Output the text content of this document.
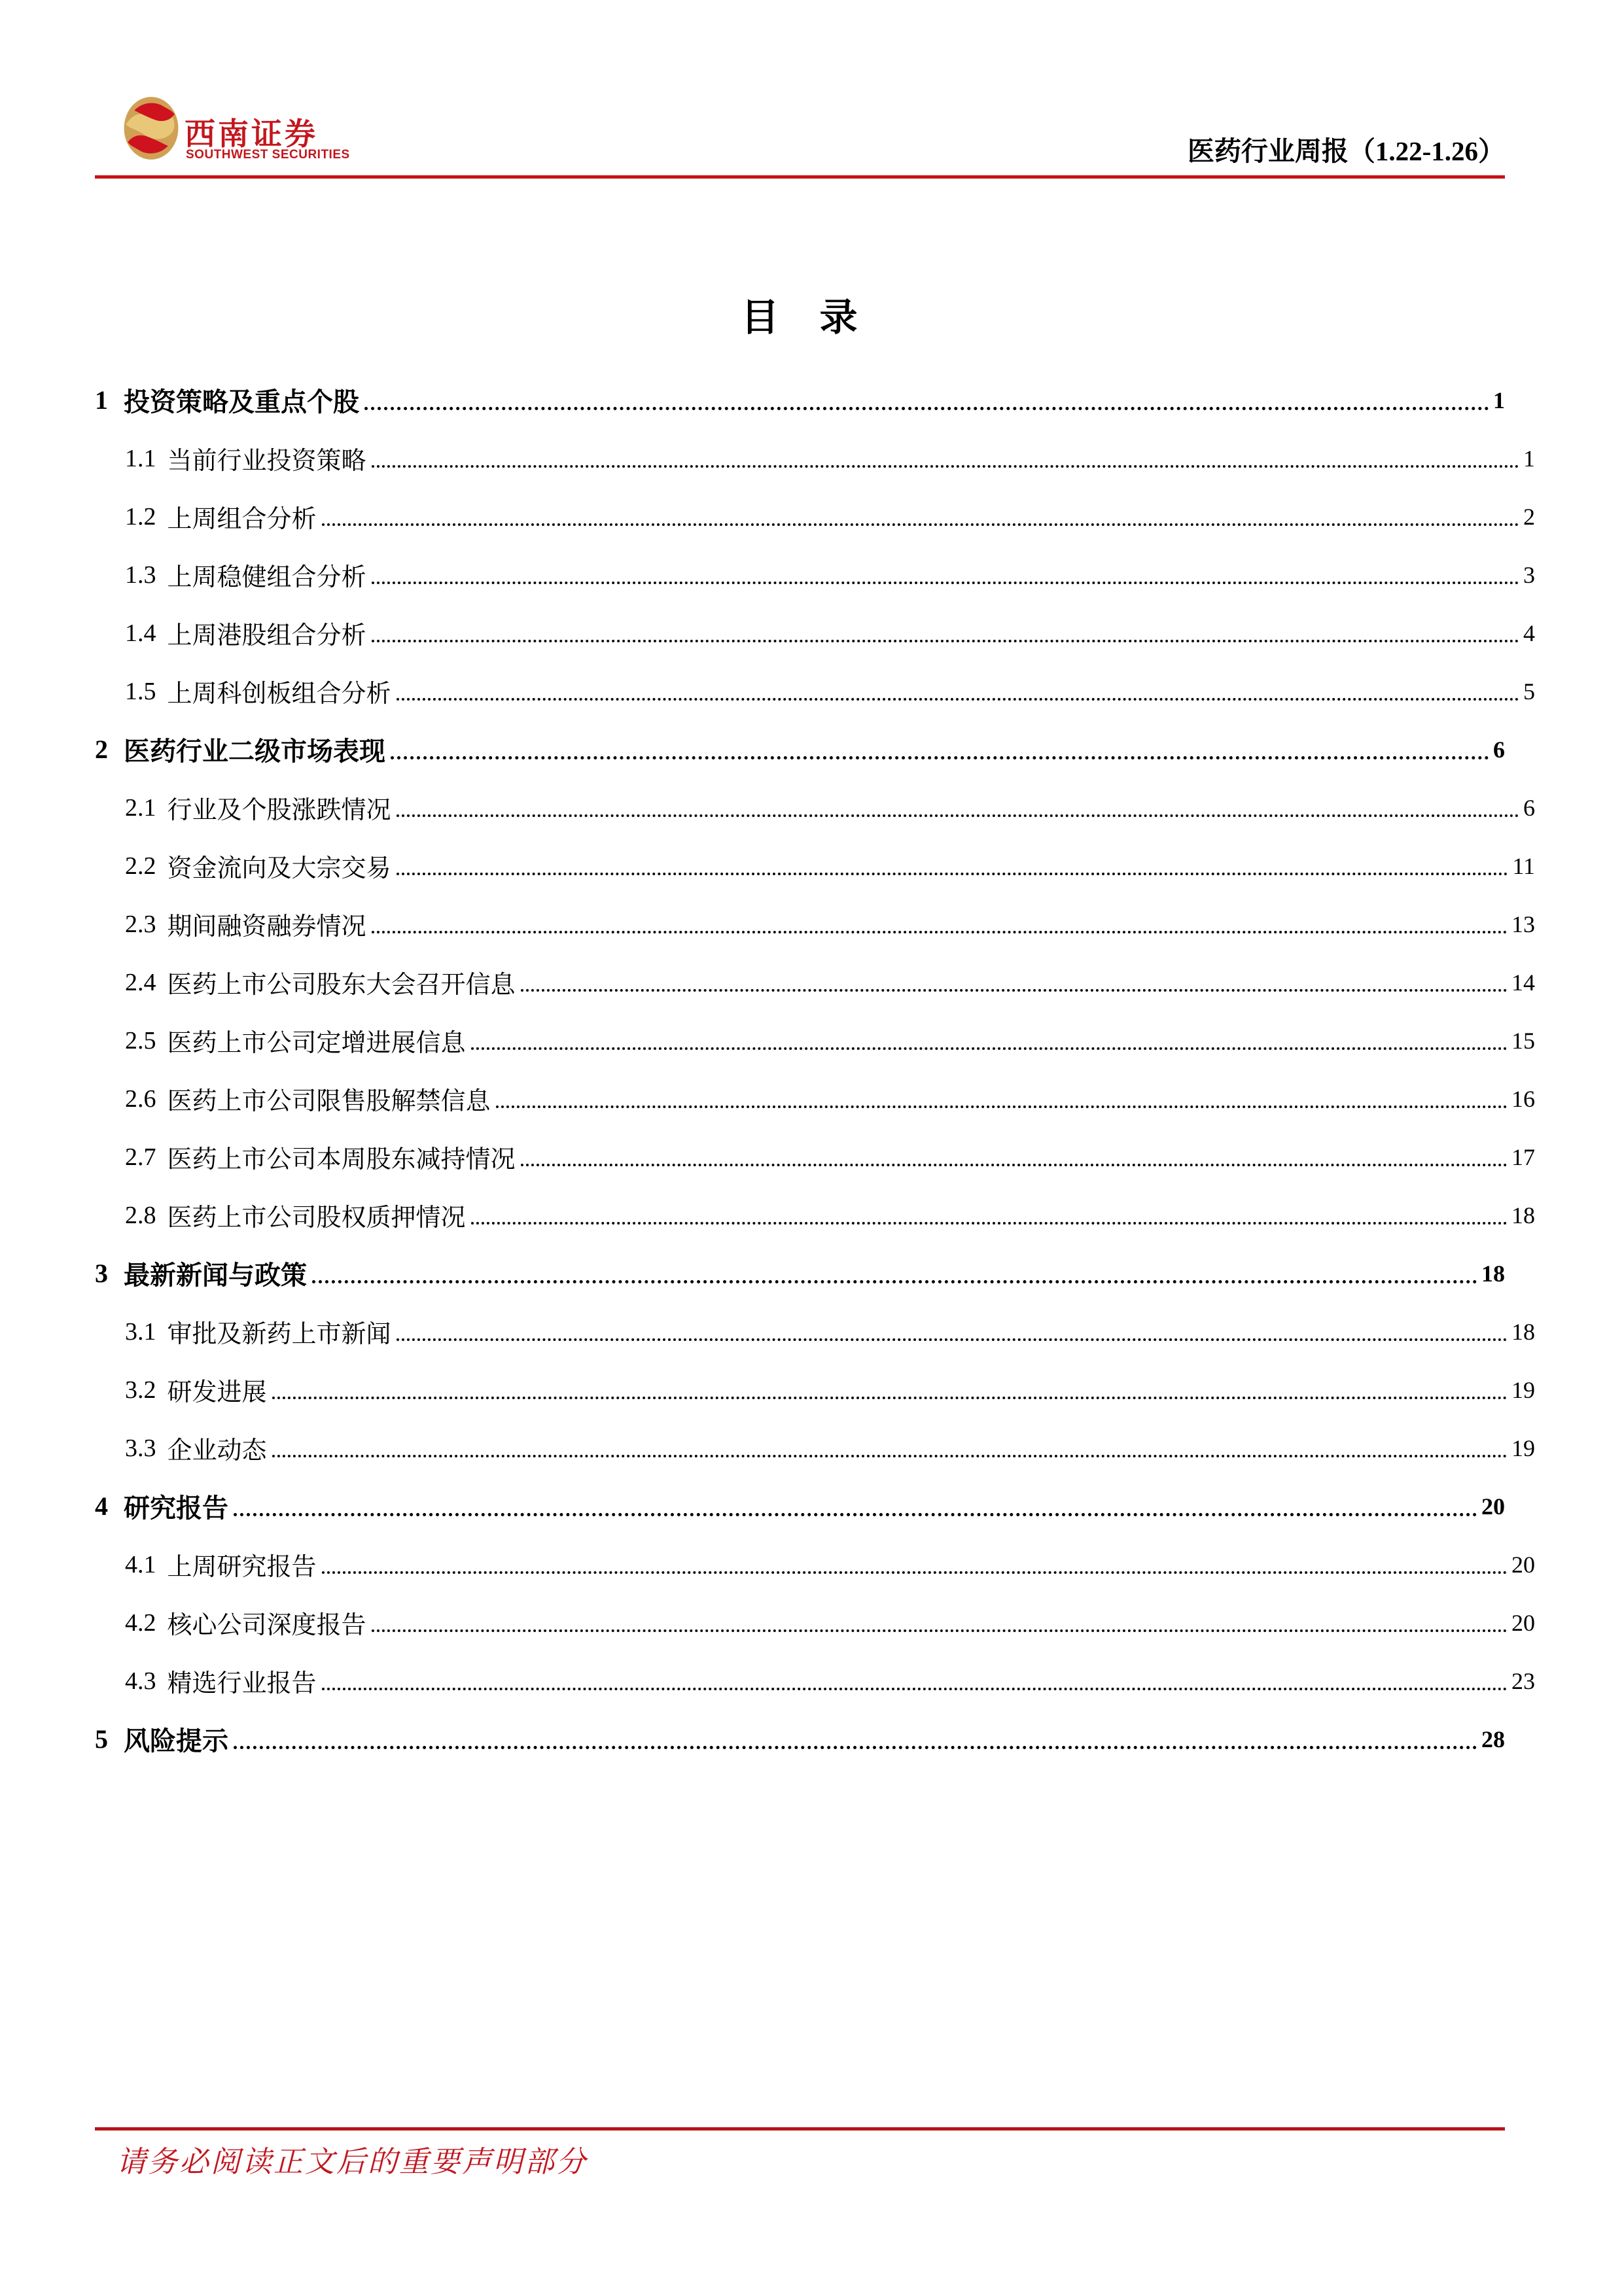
西南证券
SOUTHWEST SECURITIES	医药行业周报（1.22-1.26）
目　录
1 投资策略及重点个股	1
1.1 当前行业投资策略	1
1.2 上周组合分析	2
1.3 上周稳健组合分析	3
1.4 上周港股组合分析	4
1.5 上周科创板组合分析	5
2 医药行业二级市场表现	6
2.1 行业及个股涨跌情况	6
2.2 资金流向及大宗交易	11
2.3 期间融资融券情况	13
2.4 医药上市公司股东大会召开信息	14
2.5 医药上市公司定增进展信息	15
2.6 医药上市公司限售股解禁信息	16
2.7 医药上市公司本周股东减持情况	17
2.8 医药上市公司股权质押情况	18
3 最新新闻与政策	18
3.1 审批及新药上市新闻	18
3.2 研发进展	19
3.3 企业动态	19
4 研究报告	20
4.1 上周研究报告	20
4.2 核心公司深度报告	20
4.3 精选行业报告	23
5 风险提示	28
请务必阅读正文后的重要声明部分
